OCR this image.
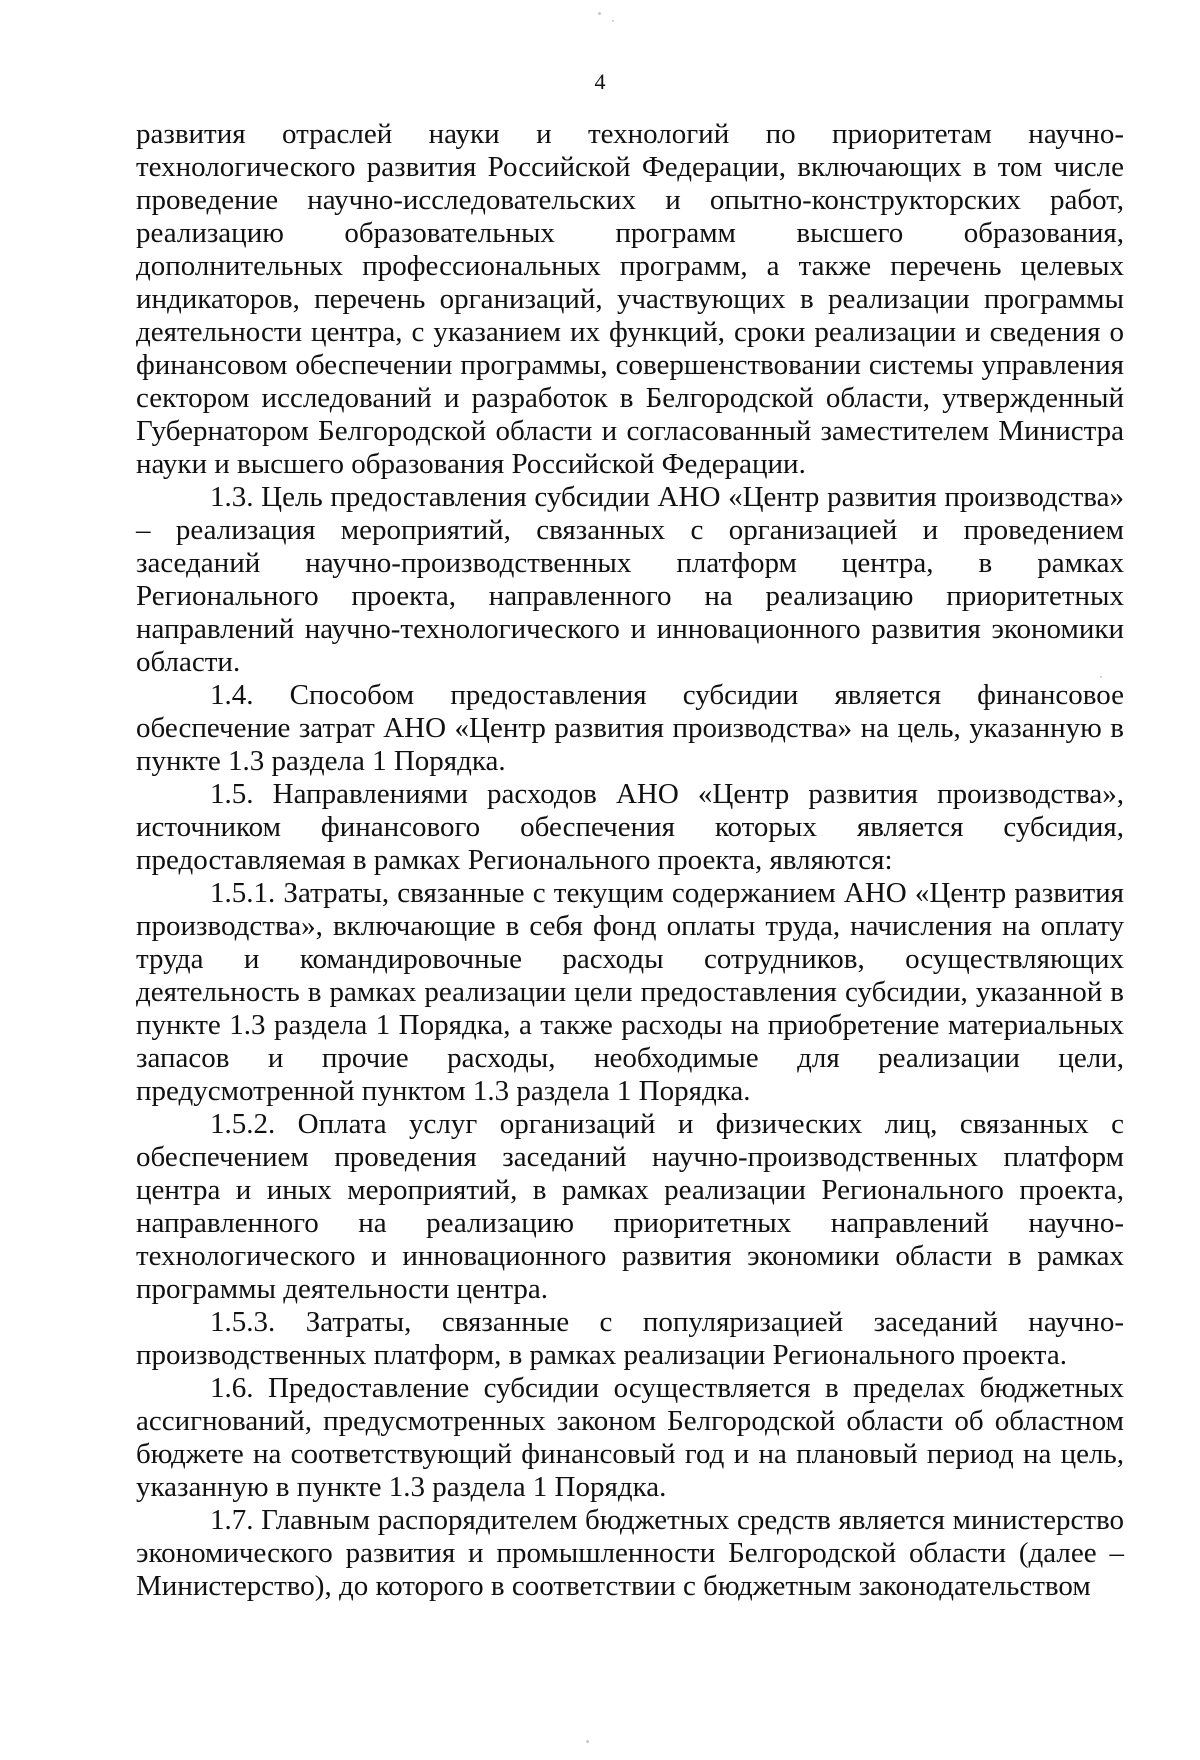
4

развития отраслей науки и технологий по приоритетам научно-технологического развития Российской Федерации, включающих в том числе проведение научно-исследовательских и опытно-конструкторских работ, реализацию образовательных программ высшего образования, дополнительных профессиональных программ, а также перечень целевых индикаторов, перечень организаций, участвующих в реализации программы деятельности центра, с указанием их функций, сроки реализации и сведения о финансовом обеспечении программы, совершенствовании системы управления сектором исследований и разработок в Белгородской области, утвержденный Губернатором Белгородской области и согласованный заместителем Министра науки и высшего образования Российской Федерации.

1.3. Цель предоставления субсидии АНО «Центр развития производства» – реализация мероприятий, связанных с организацией и проведением заседаний научно-производственных платформ центра, в рамках Регионального проекта, направленного на реализацию приоритетных направлений научно-технологического и инновационного развития экономики области.

1.4. Способом предоставления субсидии является финансовое обеспечение затрат АНО «Центр развития производства» на цель, указанную в пункте 1.3 раздела 1 Порядка.

1.5. Направлениями расходов АНО «Центр развития производства», источником финансового обеспечения которых является субсидия, предоставляемая в рамках Регионального проекта, являются:

1.5.1. Затраты, связанные с текущим содержанием АНО «Центр развития производства», включающие в себя фонд оплаты труда, начисления на оплату труда и командировочные расходы сотрудников, осуществляющих деятельность в рамках реализации цели предоставления субсидии, указанной в пункте 1.3 раздела 1 Порядка, а также расходы на приобретение материальных запасов и прочие расходы, необходимые для реализации цели, предусмотренной пунктом 1.3 раздела 1 Порядка.

1.5.2. Оплата услуг организаций и физических лиц, связанных с обеспечением проведения заседаний научно-производственных платформ центра и иных мероприятий, в рамках реализации Регионального проекта, направленного на реализацию приоритетных направлений научно-технологического и инновационного развития экономики области в рамках программы деятельности центра.

1.5.3. Затраты, связанные с популяризацией заседаний научно-производственных платформ, в рамках реализации Регионального проекта.

1.6. Предоставление субсидии осуществляется в пределах бюджетных ассигнований, предусмотренных законом Белгородской области об областном бюджете на соответствующий финансовый год и на плановый период на цель, указанную в пункте 1.3 раздела 1 Порядка.

1.7. Главным распорядителем бюджетных средств является министерство экономического развития и промышленности Белгородской области (далее – Министерство), до которого в соответствии с бюджетным законодательством
